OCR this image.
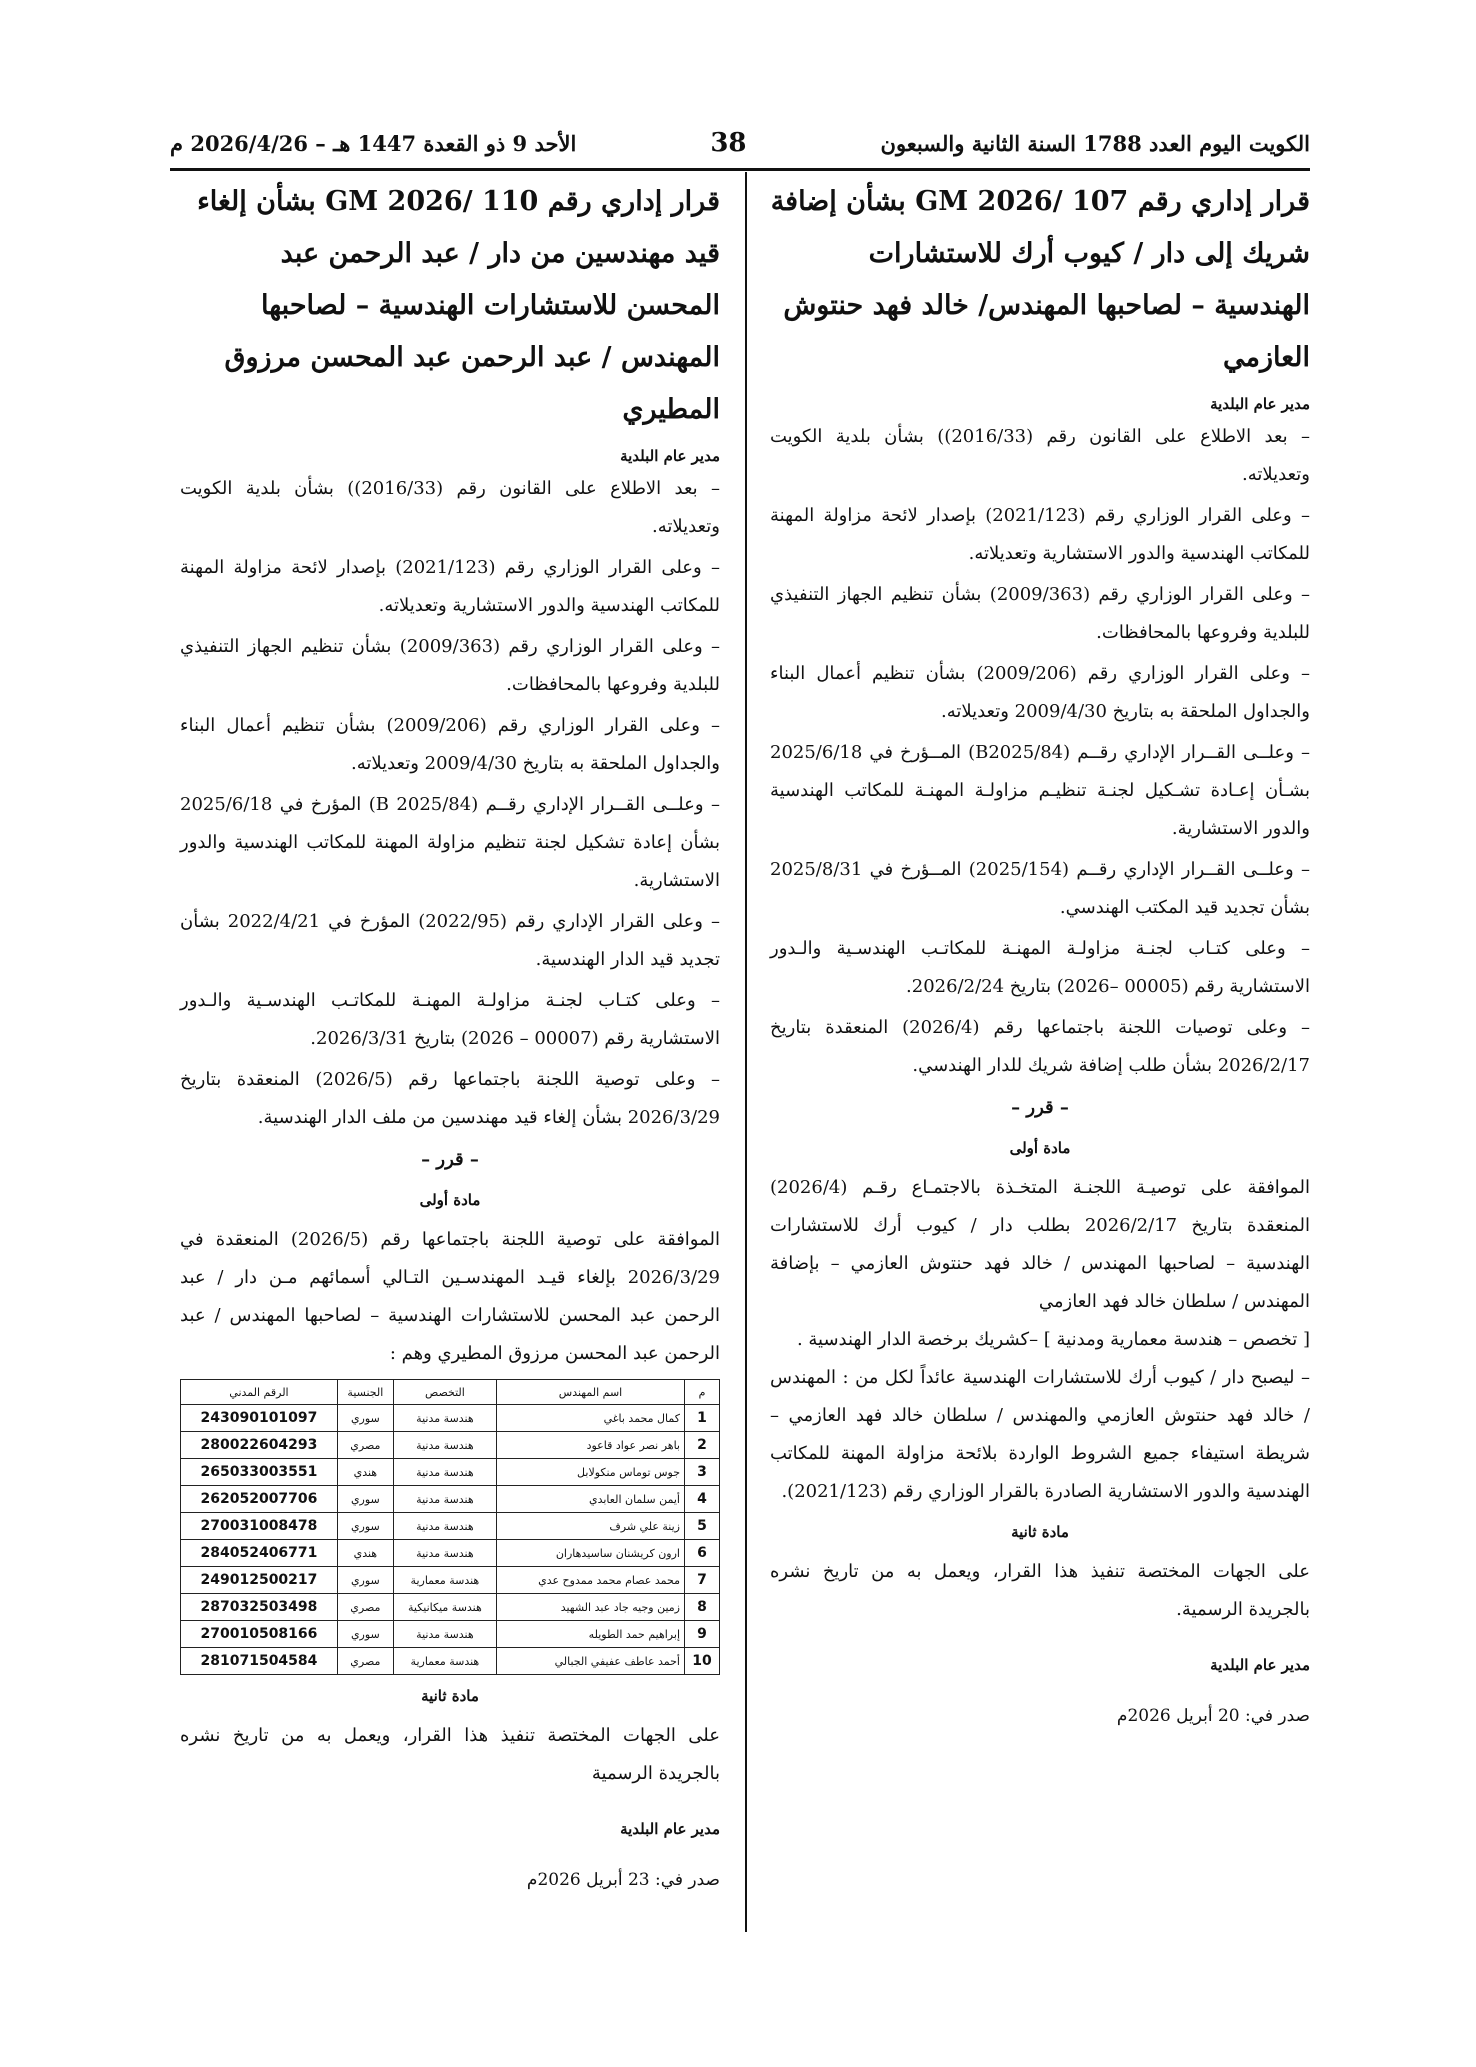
الكويت اليوم العدد 1788 السنة الثانية والسبعون
38
الأحد 9 ذو القعدة 1447 هـ – 2026/4/26 م
قرار إداري رقم GM 2026/ 107 بشأن إضافة شريك إلى دار / كيوب أرك للاستشارات الهندسية – لصاحبها المهندس/ خالد فهد حنتوش العازمي

مدير عام البلدية

– بعد الاطلاع على القانون رقم (2016/33)) بشأن بلدية الكويت وتعديلاته.

– وعلى القرار الوزاري رقم (2021/123) بإصدار لائحة مزاولة المهنة للمكاتب الهندسية والدور الاستشارية وتعديلاته.

– وعلى القرار الوزاري رقم (2009/363) بشأن تنظيم الجهاز التنفيذي للبلدية وفروعها بالمحافظات.

– وعلى القرار الوزاري رقم (2009/206) بشأن تنظيم أعمال البناء والجداول الملحقة به بتاريخ 2009/4/30 وتعديلاته.

– وعلــى القــرار الإداري رقــم (B2025/84) المــؤرخ في 2025/6/18 بشـأن إعـادة تشـكيل لجنـة تنظيـم مزاولـة المهنـة للمكاتب الهندسية والدور الاستشارية.

– وعلــى القــرار الإداري رقــم (2025/154) المــؤرخ في 2025/8/31 بشأن تجديد قيد المكتب الهندسي.

– وعلى كتـاب لجنـة مزاولـة المهنـة للمكاتـب الهندسـية والـدور الاستشارية رقم (00005 –2026) بتاريخ 2026/2/24.

– وعلى توصيات اللجنة باجتماعها رقم (2026/4) المنعقدة بتاريخ 2026/2/17 بشأن طلب إضافة شريك للدار الهندسي.

– قرر –

مادة أولى

الموافقة على توصيـة اللجنـة المتخـذة بالاجتمـاع رقـم (2026/4) المنعقدة بتاريخ 2026/2/17 بطلب دار / كيوب أرك للاستشارات الهندسية – لصاحبها المهندس / خالد فهد حنتوش العازمي – بإضافة المهندس / سلطان خالد فهد العازمي

[ تخصص – هندسة معمارية ومدنية ] –كشريك برخصة الدار الهندسية .

– ليصبح دار / كيوب أرك للاستشارات الهندسية عائداً لكل من : المهندس / خالد فهد حنتوش العازمي والمهندس / سلطان خالد فهد العازمي – شريطة استيفاء جميع الشروط الواردة بلائحة مزاولة المهنة للمكاتب الهندسية والدور الاستشارية الصادرة بالقرار الوزاري رقم (2021/123).

مادة ثانية

على الجهات المختصة تنفيذ هذا القرار، ويعمل به من تاريخ نشره بالجريدة الرسمية.

مدير عام البلدية

صدر في: 20 أبريل 2026م

قرار إداري رقم GM 2026/ 110 بشأن إلغاء قيد مهندسين من دار / عبد الرحمن عبد المحسن للاستشارات الهندسية – لصاحبها المهندس / عبد الرحمن عبد المحسن مرزوق المطيري

مدير عام البلدية

– بعد الاطلاع على القانون رقم (2016/33)) بشأن بلدية الكويت وتعديلاته.

– وعلى القرار الوزاري رقم (2021/123) بإصدار لائحة مزاولة المهنة للمكاتب الهندسية والدور الاستشارية وتعديلاته.

– وعلى القرار الوزاري رقم (2009/363) بشأن تنظيم الجهاز التنفيذي للبلدية وفروعها بالمحافظات.

– وعلى القرار الوزاري رقم (2009/206) بشأن تنظيم أعمال البناء والجداول الملحقة به بتاريخ 2009/4/30 وتعديلاته.

– وعلــى القــرار الإداري رقــم (2025/84 B) المؤرخ في 2025/6/18 بشأن إعادة تشكيل لجنة تنظيم مزاولة المهنة للمكاتب الهندسية والدور الاستشارية.

– وعلى القرار الإداري رقم (2022/95) المؤرخ في 2022/4/21 بشأن تجديد قيد الدار الهندسية.

– وعلى كتـاب لجنـة مزاولـة المهنـة للمكاتـب الهندسـية والـدور الاستشارية رقم (00007 – 2026) بتاريخ 2026/3/31.

– وعلى توصية اللجنة باجتماعها رقم (2026/5) المنعقدة بتاريخ 2026/3/29 بشأن إلغاء قيد مهندسين من ملف الدار الهندسية.

– قرر –

مادة أولى

الموافقة على توصية اللجنة باجتماعها رقم (2026/5) المنعقدة في 2026/3/29 بإلغاء قيـد المهندسـين التـالي أسمائهم مـن دار / عبد الرحمن عبد المحسن للاستشارات الهندسية – لصاحبها المهندس / عبد الرحمن عبد المحسن مرزوق المطيري وهم :

م	اسم المهندس	التخصص	الجنسية	الرقم المدني
1	كمال محمد باغي	هندسة مدنية	سوري	243090101097
2	باهر نصر عواد قاعود	هندسة مدنية	مصري	280022604293
3	جوس توماس منكولابل	هندسة مدنية	هندي	265033003551
4	أيمن سلمان العابدي	هندسة مدنية	سوري	262052007706
5	زينة علي شرف	هندسة مدنية	سوري	270031008478
6	ارون كريشنان ساسيدهاران	هندسة مدنية	هندي	284052406771
7	محمد عصام محمد ممدوح عدي	هندسة معمارية	سوري	249012500217
8	زمين وجيه جاد عبد الشهيد	هندسة ميكانيكية	مصري	287032503498
9	إبراهيم حمد الطويله	هندسة مدنية	سوري	270010508166
10	أحمد عاطف عفيفي الجبالي	هندسة معمارية	مصري	281071504584

مادة ثانية

على الجهات المختصة تنفيذ هذا القرار، ويعمل به من تاريخ نشره بالجريدة الرسمية

مدير عام البلدية

صدر في: 23 أبريل 2026م
